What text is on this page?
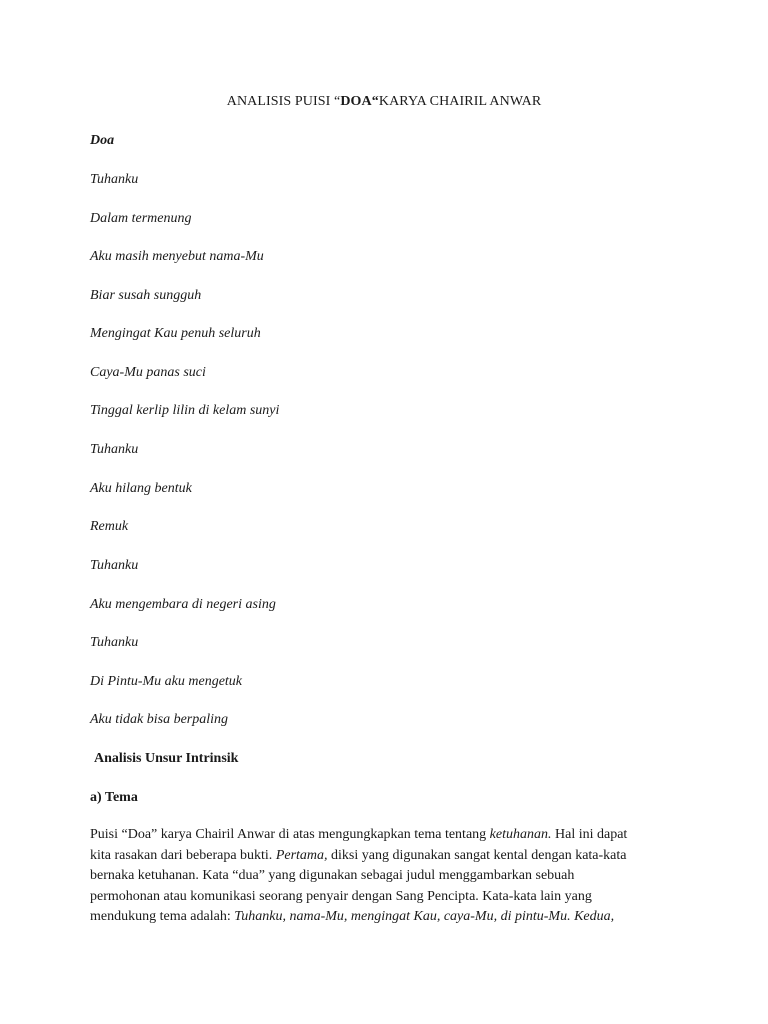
ANALISIS PUISI “DOA“KARYA CHAIRIL ANWAR
Doa
Tuhanku
Dalam termenung
Aku masih menyebut nama-Mu
Biar susah sungguh
Mengingat Kau penuh seluruh
Caya-Mu panas suci
Tinggal kerlip lilin di kelam sunyi
Tuhanku
Aku hilang bentuk
Remuk
Tuhanku
Aku mengembara di negeri asing
Tuhanku
Di Pintu-Mu aku mengetuk
Aku tidak bisa berpaling
Analisis Unsur Intrinsik
a) Tema
Puisi “Doa” karya Chairil Anwar di atas mengungkapkan tema tentang ketuhanan. Hal ini dapat
kita rasakan dari beberapa bukti. Pertama, diksi yang digunakan sangat kental dengan kata-kata
bernaka ketuhanan. Kata “dua” yang digunakan sebagai judul menggambarkan sebuah
permohonan atau komunikasi seorang penyair dengan Sang Pencipta. Kata-kata lain yang
mendukung tema adalah: Tuhanku, nama-Mu, mengingat Kau, caya-Mu, di pintu-Mu. Kedua,
